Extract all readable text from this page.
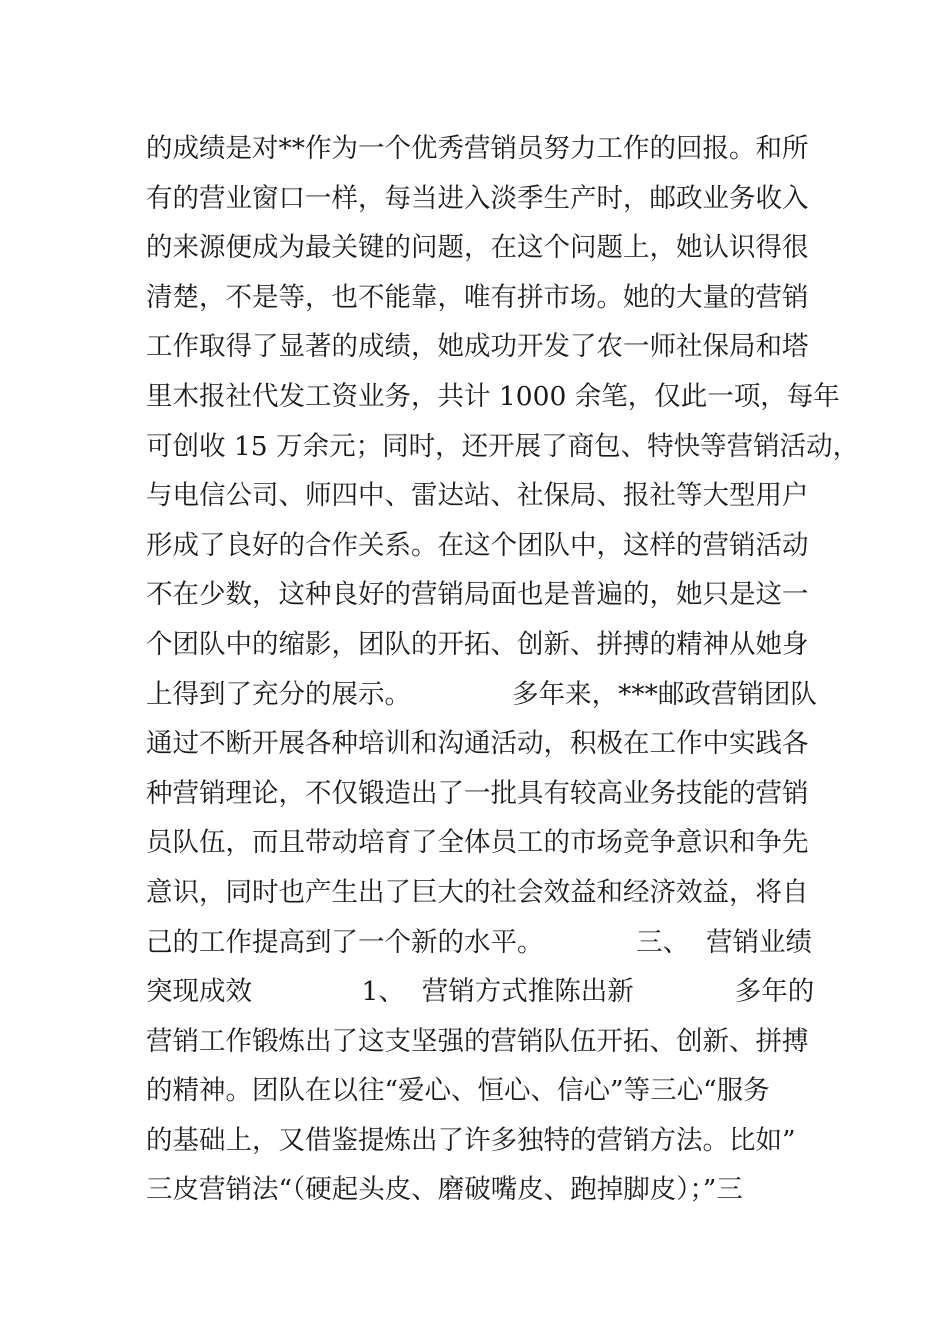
的成绩是对**作为一个优秀营销员努力工作的回报。和所
有的营业窗口一样，每当进入淡季生产时，邮政业务收入
的来源便成为最关键的问题，在这个问题上，她认识得很
清楚，不是等，也不能靠，唯有拼市场。她的大量的营销
工作取得了显著的成绩，她成功开发了农一师社保局和塔
里木报社代发工资业务，共计 1000 余笔，仅此一项，每年
可创收 15 万余元；同时，还开展了商包、特快等营销活动，
与电信公司、师四中、雷达站、社保局、报社等大型用户
形成了良好的合作关系。在这个团队中，这样的营销活动
不在少数，这种良好的营销局面也是普遍的，她只是这一
个团队中的缩影，团队的开拓、创新、拼搏的精神从她身
上得到了充分的展示。            多年来，***邮政营销团队
通过不断开展各种培训和沟通活动，积极在工作中实践各
种营销理论，不仅锻造出了一批具有较高业务技能的营销
员队伍，而且带动培育了全体员工的市场竞争意识和争先
意识，同时也产生出了巨大的社会效益和经济效益，将自
己的工作提高到了一个新的水平。           三、  营销业绩
突现成效             1、  营销方式推陈出新            多年的
营销工作锻炼出了这支坚强的营销队伍开拓、创新、拼搏
的精神。团队在以往“爱心、恒心、信心”等三心“服务
的基础上，又借鉴提炼出了许多独特的营销方法。比如”
三皮营销法“（硬起头皮、磨破嘴皮、跑掉脚皮）；”三
